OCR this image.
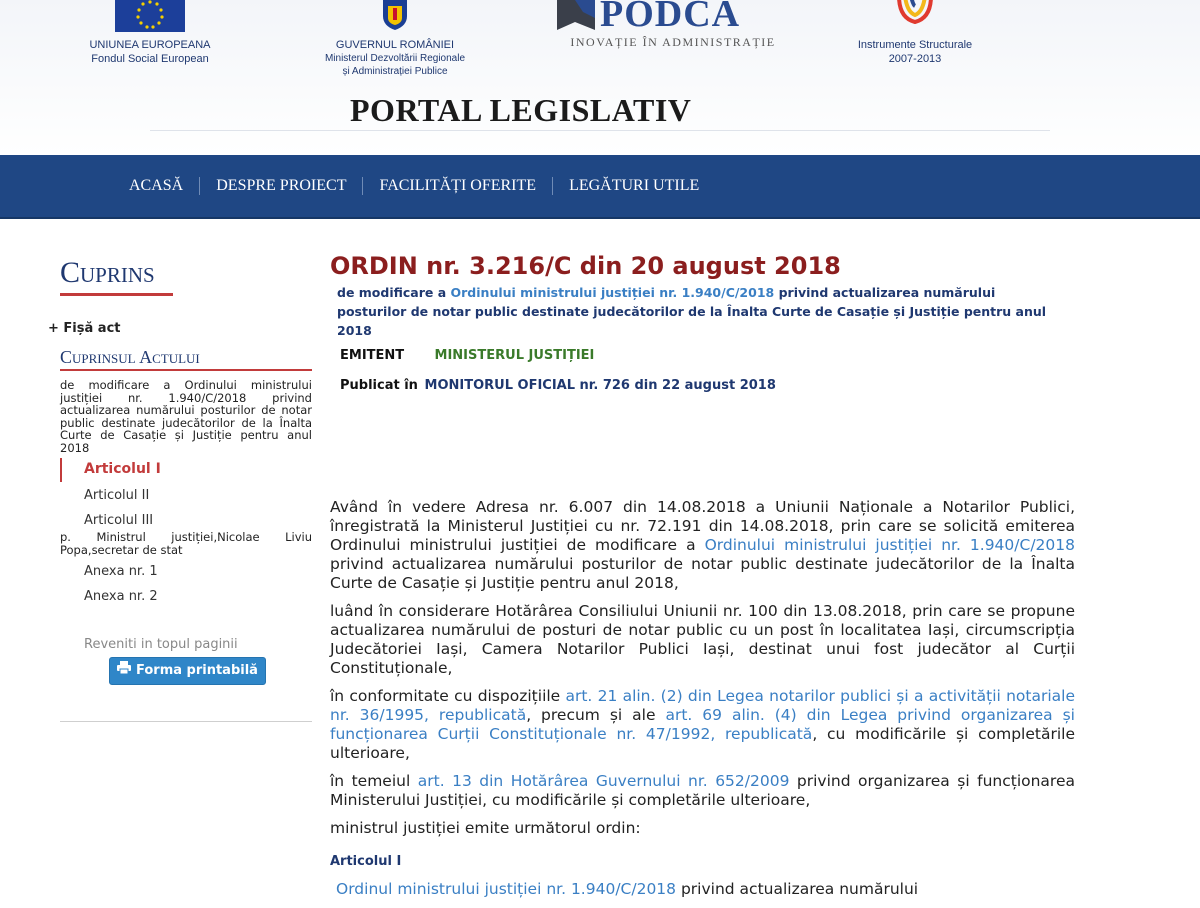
UNIUNEA EUROPEANA
Fondul Social European
GUVERNUL ROMÂNIEI
Ministerul Dezvoltării Regionale
și Administrației Publice
PODCA
INOVAȚIE ÎN ADMINISTRAȚIE	Instrumente Structurale
2007-2013
PORTAL LEGISLATIV
ACASĂ	DESPRE PROIECT	FACILITĂȚI OFERITE	LEGĂTURI UTILE
Cuprins
+ Fișă act
Cuprinsul Actului
de modificare a Ordinului ministrului justiției nr. 1.940/C/2018 privind actualizarea numărului posturilor de notar public destinate judecătorilor de la Înalta Curte de Casație și Justiție pentru anul 2018
Articolul I
Articolul II
Articolul III
p. Ministrul justiției,Nicolae Liviu Popa,secretar de stat
Anexa nr. 1
Anexa nr. 2
Reveniti in topul paginii
Forma printabilă
ORDIN nr. 3.216/C din 20 august 2018
de modificare a Ordinului ministrului justiției nr. 1.940/C/2018 privind actualizarea numărului posturilor de notar public destinate judecătorilor de la Înalta Curte de Casație și Justiție pentru anul 2018
EMITENT MINISTERUL JUSTIȚIEI
Publicat în MONITORUL OFICIAL nr. 726 din 22 august 2018

Având în vedere Adresa nr. 6.007 din 14.08.2018 a Uniunii Naționale a Notarilor Publici, înregistrată la Ministerul Justiției cu nr. 72.191 din 14.08.2018, prin care se solicită emiterea Ordinului ministrului justiției de modificare a Ordinului ministrului justiției nr. 1.940/C/2018 privind actualizarea numărului posturilor de notar public destinate judecătorilor de la Înalta Curte de Casație și Justiție pentru anul 2018,

luând în considerare Hotărârea Consiliului Uniunii nr. 100 din 13.08.2018, prin care se propune actualizarea numărului de posturi de notar public cu un post în localitatea Iași, circumscripția Judecătoriei Iași, Camera Notarilor Publici Iași, destinat unui fost judecător al Curții Constituționale,

în conformitate cu dispozițiile art. 21 alin. (2) din Legea notarilor publici și a activității notariale nr. 36/1995, republicată, precum și ale art. 69 alin. (4) din Legea privind organizarea și funcționarea Curții Constituționale nr. 47/1992, republicată, cu modificările și completările ulterioare,

în temeiul art. 13 din Hotărârea Guvernului nr. 652/2009 privind organizarea și funcționarea Ministerului Justiției, cu modificările și completările ulterioare,

ministrul justiției emite următorul ordin:

Articolul I

Ordinul ministrului justiției nr. 1.940/C/2018 privind actualizarea numărului
